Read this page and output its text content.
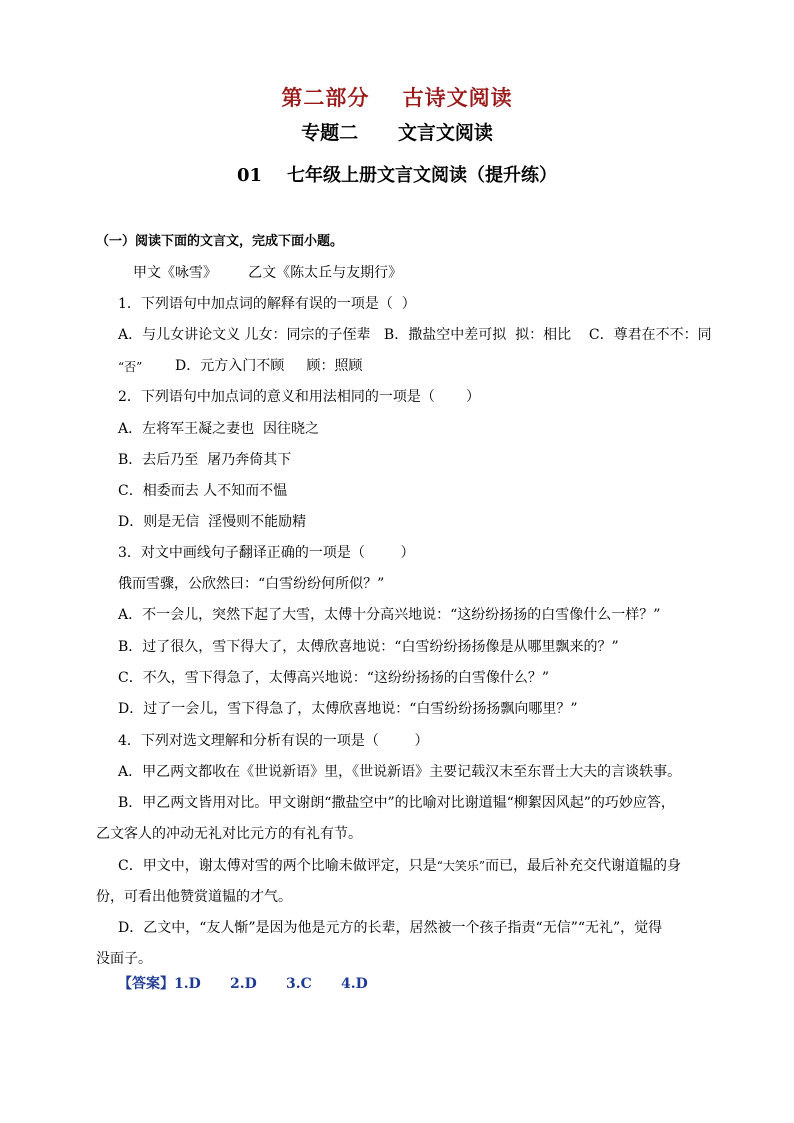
第二部分    古诗文阅读
专题二      文言文阅读
01    七年级上册文言文阅读（提升练）
（一）阅读下面的文言文，完成下面小题。
甲文《咏雪》       乙文《陈太丘与友期行》
1．下列语句中加点词的解释有误的一项是（  ）
A．与儿女讲论文义 儿女：同宗的子侄辈   B．撒盐空中差可拟  拟：相比    C．尊君在不不：同
“否” D．元方入门不顾     顾：照顾
2．下列语句中加点词的意义和用法相同的一项是（       ）
A．左将军王凝之妻也  因往晓之
B．去后乃至  屠乃奔倚其下
C．相委而去 人不知而不愠
D．则是无信  淫慢则不能励精
3．对文中画线句子翻译正确的一项是（        ）
俄而雪骤，公欣然曰：“白雪纷纷何所似？”
A．不一会儿，突然下起了大雪，太傅十分高兴地说：“这纷纷扬扬的白雪像什么一样？”
B．过了很久，雪下得大了，太傅欣喜地说：“白雪纷纷扬扬像是从哪里飘来的？”
C．不久，雪下得急了，太傅高兴地说：“这纷纷扬扬的白雪像什么？”
D．过了一会儿，雪下得急了，太傅欣喜地说：“白雪纷纷扬扬飘向哪里？”
4．下列对选文理解和分析有误的一项是（        ）
A．甲乙两文都收在《世说新语》里，《世说新语》主要记载汉末至东晋士大夫的言谈轶事。
B．甲乙两文皆用对比。甲文谢朗“撒盐空中”的比喻对比谢道韫“柳絮因风起”的巧妙应答，
乙文客人的冲动无礼对比元方的有礼有节。
C．甲文中，谢太傅对雪的两个比喻未做评定，只是“大笑乐”而已，最后补充交代谢道韫的身
份，可看出他赞赏道韫的才气。
D．乙文中，“友人惭”是因为他是元方的长辈，居然被一个孩子指责“无信”“无礼”，觉得
没面子。
【答案】1.D      2.D      3.C      4.D
